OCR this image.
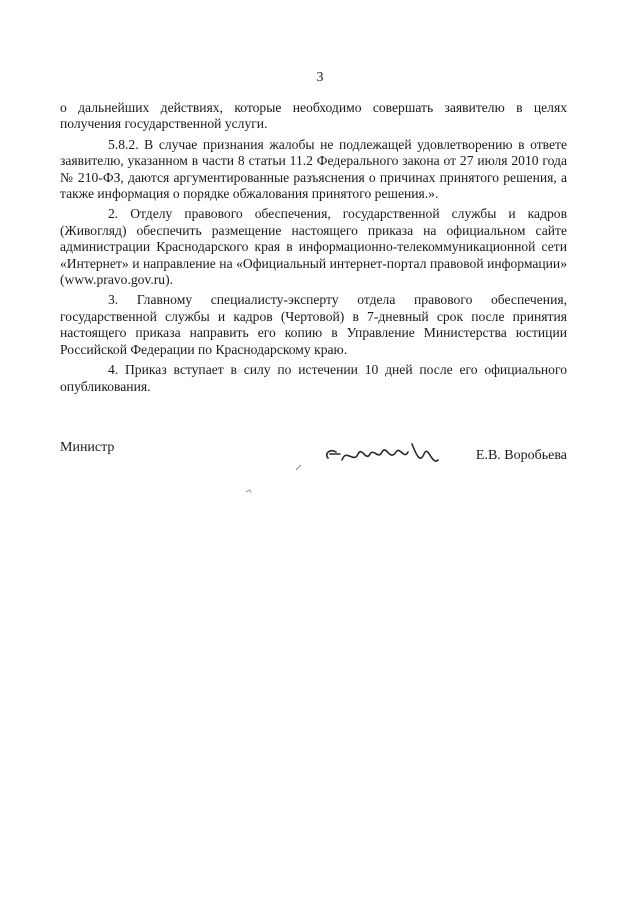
3

о дальнейших действиях, которые необходимо совершать заявителю в целях получения государственной услуги.

5.8.2. В случае признания жалобы не подлежащей удовлетворению в ответе заявителю, указанном в части 8 статьи 11.2 Федерального закона от 27 июля 2010 года № 210-ФЗ, даются аргументированные разъяснения о причинах принятого решения, а также информация о порядке обжалования принятого решения.».

2. Отделу правового обеспечения, государственной службы и кадров (Живогляд) обеспечить размещение настоящего приказа на официальном сайте администрации Краснодарского края в информационно-телекоммуникационной сети «Интернет» и направление на «Официальный интернет-портал правовой информации» (www.pravo.gov.ru).

3. Главному специалисту-эксперту отдела правового обеспечения, государственной службы и кадров (Чертовой) в 7-дневный срок после принятия настоящего приказа направить его копию в Управление Министерства юстиции Российской Федерации по Краснодарскому краю.

4. Приказ вступает в силу по истечении 10 дней после его официального опубликования.

Министр
Е.В. Воробьева
